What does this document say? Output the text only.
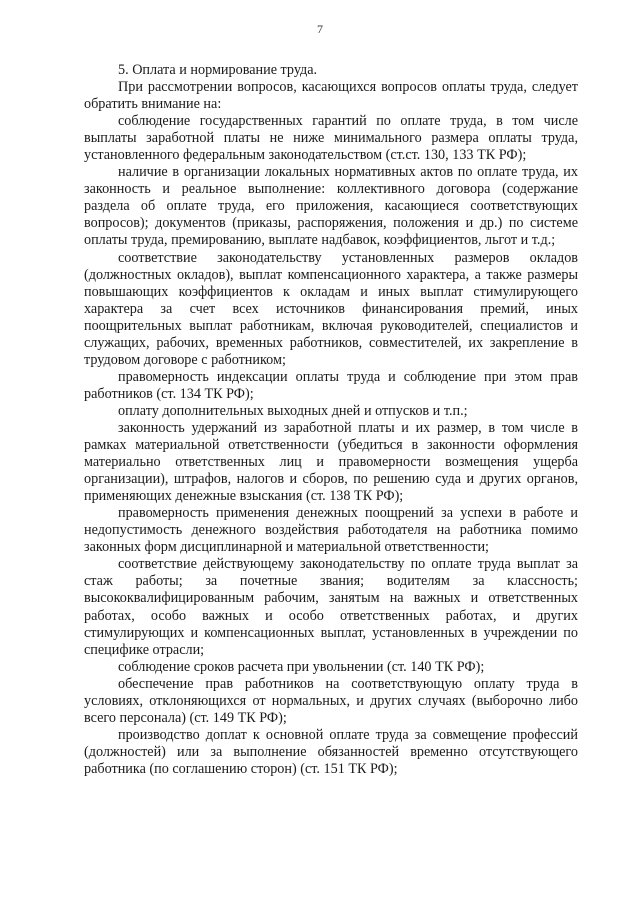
7
5. Оплата и нормирование труда.

При рассмотрении вопросов, касающихся вопросов оплаты труда, следует обратить внимание на:

соблюдение государственных гарантий по оплате труда, в том числе выплаты заработной платы не ниже минимального размера оплаты труда, установленного федеральным законодательством (ст.ст. 130, 133 ТК РФ);

наличие в организации локальных нормативных актов по оплате труда, их законность и реальное выполнение: коллективного договора (содержание раздела об оплате труда, его приложения, касающиеся соответствующих вопросов); документов (приказы, распоряжения, положения и др.) по системе оплаты труда, премированию, выплате надбавок, коэффициентов, льгот и т.д.;

соответствие законодательству установленных размеров окладов (должностных окладов), выплат компенсационного характера, а также размеры повышающих коэффициентов к окладам и иных выплат стимулирующего характера за счет всех источников финансирования премий, иных поощрительных выплат работникам, включая руководителей, специалистов и служащих, рабочих, временных работников, совместителей, их закрепление в трудовом договоре с работником;

правомерность индексации оплаты труда и соблюдение при этом прав работников (ст. 134 ТК РФ);

оплату дополнительных выходных дней и отпусков и т.п.;

законность удержаний из заработной платы и их размер, в том числе в рамках материальной ответственности (убедиться в законности оформления материально ответственных лиц и правомерности возмещения ущерба организации), штрафов, налогов и сборов, по решению суда и других органов, применяющих денежные взыскания (ст. 138 ТК РФ);

правомерность применения денежных поощрений за успехи в работе и недопустимость денежного воздействия работодателя на работника помимо законных форм дисциплинарной и материальной ответственности;

соответствие действующему законодательству по оплате труда выплат за стаж работы; за почетные звания; водителям за классность; высококвалифицированным рабочим, занятым на важных и ответственных работах, особо важных и особо ответственных работах, и других стимулирующих и компенсационных выплат, установленных в учреждении по специфике отрасли;

соблюдение сроков расчета при увольнении (ст. 140 ТК РФ);

обеспечение прав работников на соответствующую оплату труда в условиях, отклоняющихся от нормальных, и других случаях (выборочно либо всего персонала) (ст. 149 ТК РФ);

производство доплат к основной оплате труда за совмещение профессий (должностей) или за выполнение обязанностей временно отсутствующего работника (по соглашению сторон) (ст. 151 ТК РФ);
